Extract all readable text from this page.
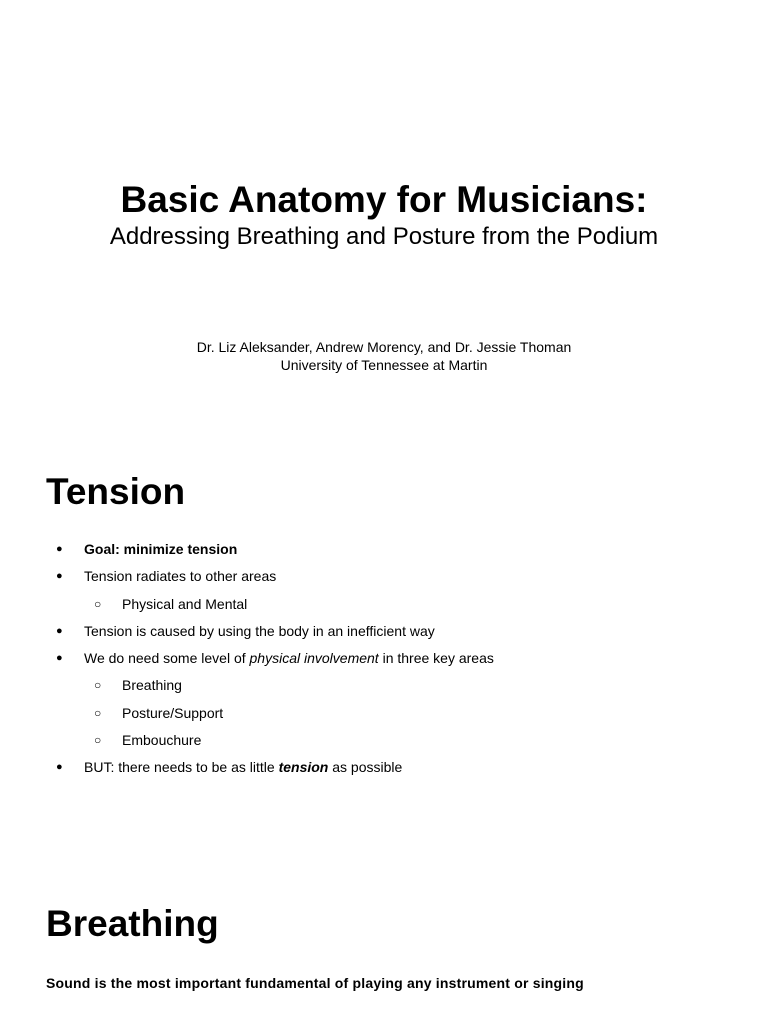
Basic Anatomy for Musicians:

Addressing Breathing and Posture from the Podium

Dr. Liz Aleksander, Andrew Morency, and Dr. Jessie Thoman

University of Tennessee at Martin

Tension
● Goal: minimize tension
● Tension radiates to other areas
○ Physical and Mental
● Tension is caused by using the body in an inefficient way
● We do need some level of physical involvement in three key areas
○ Breathing
○ Posture/Support
○ Embouchure
● BUT: there needs to be as little tension as possible
Breathing

Sound is the most important fundamental of playing any instrument or singing
